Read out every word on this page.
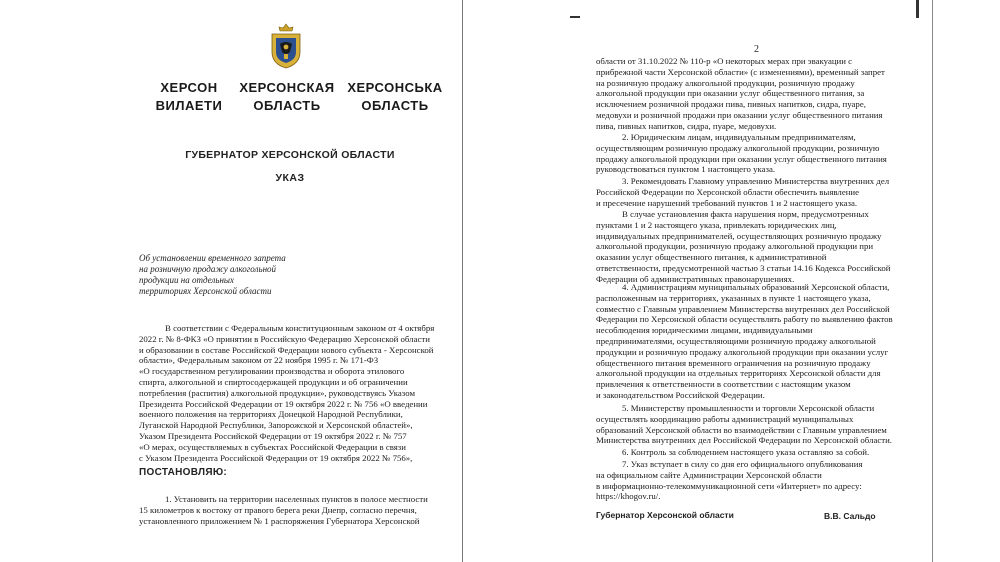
ХЕРСОН
ВИЛАЕТИ
ХЕРСОНСКАЯ
ОБЛАСТЬ
ХЕРСОНСЬКА
ОБЛАСТЬ
ГУБЕРНАТОР ХЕРСОНСКОЙ ОБЛАСТИ
УКАЗ
Об установлении временного запрета
на розничную продажу алкогольной
продукции на отдельных
территориях Херсонской области
В соответствии с Федеральным конституционным законом от 4 октября
2022 г. № 8-ФКЗ «О принятии в Российскую Федерацию Херсонской области
и образовании в составе Российской Федерации нового субъекта - Херсонской
области», Федеральным законом от 22 ноября 1995 г. № 171-ФЗ
«О государственном регулировании производства и оборота этилового
спирта, алкогольной и спиртосодержащей продукции и об ограничении
потребления (распития) алкогольной продукции», руководствуясь Указом
Президента Российской Федерации от 19 октября 2022 г. № 756 «О введении
военного положения на территориях Донецкой Народной Республики,
Луганской Народной Республики, Запорожской и Херсонской областей»,
Указом Президента Российской Федерации от 19 октября 2022 г. № 757
«О мерах, осуществляемых в субъектах Российской Федерации в связи
с Указом Президента Российской Федерации от 19 октября 2022 № 756»,
ПОСТАНОВЛЯЮ:
1. Установить на территории населенных пунктов в полосе местности
15 километров к востоку от правого берега реки Днепр, согласно перечня,
установленного приложением № 1 распоряжения Губернатора Херсонской
2
области от 31.10.2022 № 110-р «О некоторых мерах при эвакуации с
прибрежной части Херсонской области» (с изменениями), временный запрет
на розничную продажу алкогольной продукции, розничную продажу
алкогольной продукции при оказании услуг общественного питания, за
исключением розничной продажи пива, пивных напитков, сидра, пуаре,
медовухи и розничной продажи при оказании услуг общественного питания
пива, пивных напитков, сидра, пуаре, медовухи.
2. Юридическим лицам, индивидуальным предпринимателям,
осуществляющим розничную продажу алкогольной продукции, розничную
продажу алкогольной продукции при оказании услуг общественного питания
руководствоваться пунктом 1 настоящего указа.
3. Рекомендовать Главному управлению Министерства внутренних дел
Российской Федерации по Херсонской области обеспечить выявление
и пресечение нарушений требований пунктов 1 и 2 настоящего указа.
В случае установления факта нарушения норм, предусмотренных
пунктами 1 и 2 настоящего указа, привлекать юридических лиц,
индивидуальных предпринимателей, осуществляющих розничную продажу
алкогольной продукции, розничную продажу алкогольной продукции при
оказании услуг общественного питания, к административной
ответственности, предусмотренной частью 3 статьи 14.16 Кодекса Российской
Федерации об административных правонарушениях.
4. Администрациям муниципальных образований Херсонской области,
расположенным на территориях, указанных в пункте 1 настоящего указа,
совместно с Главным управлением Министерства внутренних дел Российской
Федерации по Херсонской области осуществлять работу по выявлению фактов
несоблюдения юридическими лицами, индивидуальными
предпринимателями, осуществляющими розничную продажу алкогольной
продукции и розничную продажу алкогольной продукции при оказании услуг
общественного питания временного ограничения на розничную продажу
алкогольной продукции на отдельных территориях Херсонской области для
привлечения к ответственности в соответствии с настоящим указом
и законодательством Российской Федерации.
5. Министерству промышленности и торговли Херсонской области
осуществлять координацию работы администраций муниципальных
образований Херсонской области во взаимодействии с Главным управлением
Министерства внутренних дел Российской Федерации по Херсонской области.
6. Контроль за соблюдением настоящего указа оставляю за собой.
7. Указ вступает в силу со дня его официального опубликования
на официальном сайте Администрации Херсонской области
в информационно-телекоммуникационной сети «Интернет» по адресу:
https://khogov.ru/.
Губернатор Херсонской области	В.В. Сальдо
